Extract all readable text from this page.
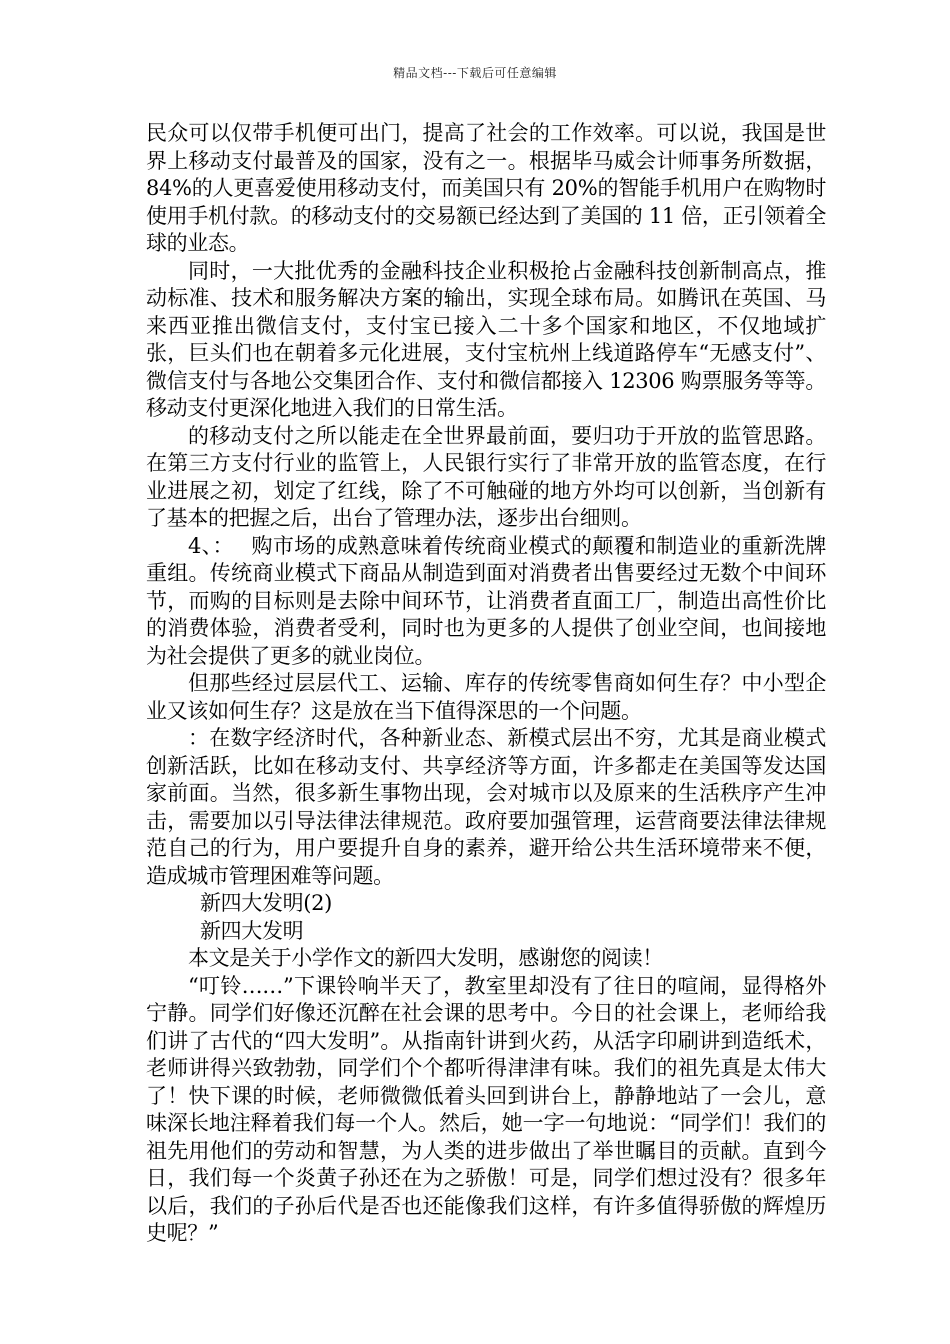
精品文档---下载后可任意编辑

民众可以仅带手机便可出门，提高了社会的工作效率。可以说，我国是世界上移动支付最普及的国家，没有之一。根据毕马威会计师事务所数据，84%的人更喜爱使用移动支付，而美国只有 20%的智能手机用户在购物时使用手机付款。的移动支付的交易额已经达到了美国的 11 倍，正引领着全球的业态。

同时，一大批优秀的金融科技企业积极抢占金融科技创新制高点，推动标准、技术和服务解决方案的输出，实现全球布局。如腾讯在英国、马来西亚推出微信支付，支付宝已接入二十多个国家和地区，不仅地域扩张，巨头们也在朝着多元化进展，支付宝杭州上线道路停车“无感支付”、微信支付与各地公交集团合作、支付和微信都接入 12306 购票服务等等。移动支付更深化地进入我们的日常生活。

的移动支付之所以能走在全世界最前面，要归功于开放的监管思路。在第三方支付行业的监管上，人民银行实行了非常开放的监管态度，在行业进展之初，划定了红线，除了不可触碰的地方外均可以创新，当创新有了基本的把握之后，出台了管理办法，逐步出台细则。

4、：　 购市场的成熟意味着传统商业模式的颠覆和制造业的重新洗牌重组。传统商业模式下商品从制造到面对消费者出售要经过无数个中间环节，而购的目标则是去除中间环节，让消费者直面工厂，制造出高性价比的消费体验，消费者受利，同时也为更多的人提供了创业空间，也间接地为社会提供了更多的就业岗位。

但那些经过层层代工、运输、库存的传统零售商如何生存？中小型企业又该如何生存？这是放在当下值得深思的一个问题。

：在数字经济时代，各种新业态、新模式层出不穷，尤其是商业模式创新活跃，比如在移动支付、共享经济等方面，许多都走在美国等发达国家前面。当然，很多新生事物出现，会对城市以及原来的生活秩序产生冲击，需要加以引导法律法律规范。政府要加强管理，运营商要法律法律规范自己的行为，用户要提升自身的素养，避开给公共生活环境带来不便，造成城市管理困难等问题。

新四大发明(2)

新四大发明

本文是关于小学作文的新四大发明，感谢您的阅读！

“叮铃……”下课铃响半天了，教室里却没有了往日的喧闹，显得格外宁静。同学们好像还沉醉在社会课的思考中。今日的社会课上，老师给我们讲了古代的“四大发明”。从指南针讲到火药，从活字印刷讲到造纸术，老师讲得兴致勃勃，同学们个个都听得津津有味。我们的祖先真是太伟大了！快下课的时候，老师微微低着头回到讲台上，静静地站了一会儿，意味深长地注释着我们每一个人。然后，她一字一句地说：“同学们！我们的祖先用他们的劳动和智慧，为人类的进步做出了举世瞩目的贡献。直到今日，我们每一个炎黄子孙还在为之骄傲！可是，同学们想过没有？很多年以后，我们的子孙后代是否也还能像我们这样，有许多值得骄傲的辉煌历史呢？”
